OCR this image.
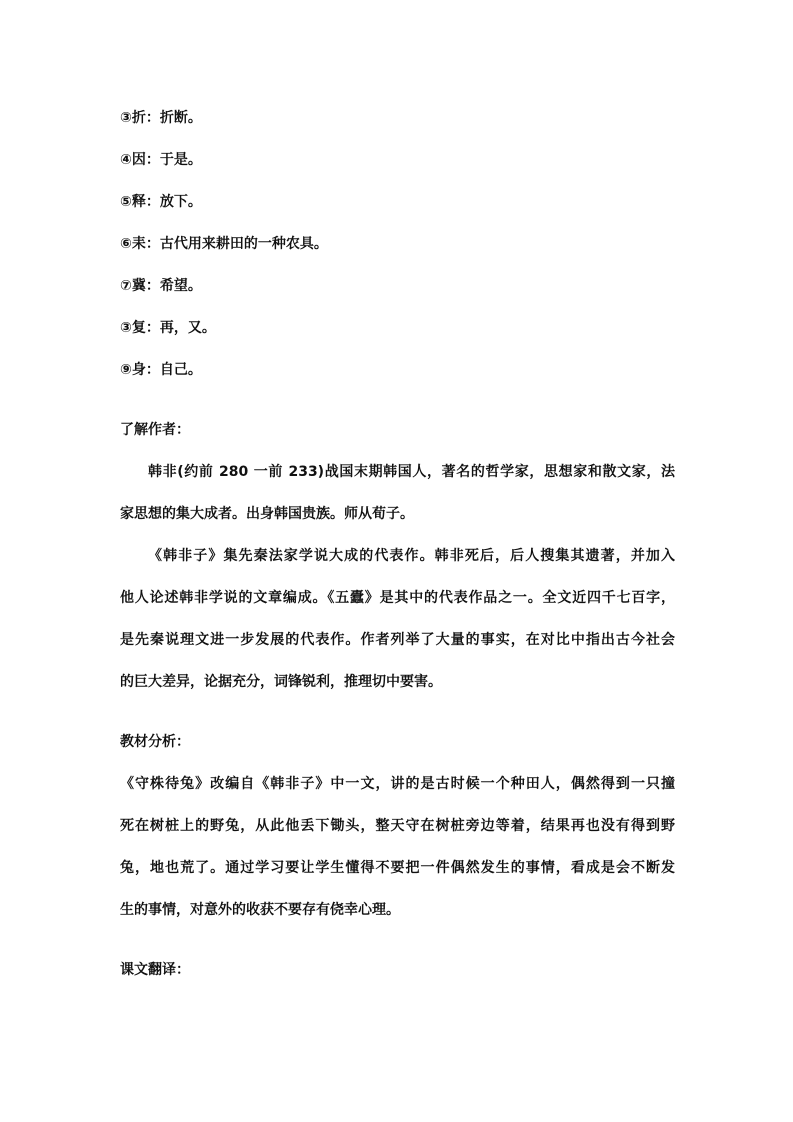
③折：折断。

④因：于是。

⑤释：放下。

⑥耒：古代用来耕田的一种农具。

⑦冀：希望。

③复：再，又。

⑨身：自己。

了解作者：

韩非(约前 280 一前 233)战国末期韩国人，著名的哲学家，思想家和散文家，法

家思想的集大成者。出身韩国贵族。师从荀子。

《韩非子》集先秦法家学说大成的代表作。韩非死后，后人搜集其遗著，并加入

他人论述韩非学说的文章编成。《五蠹》是其中的代表作品之一。全文近四千七百字，

是先秦说理文进一步发展的代表作。作者列举了大量的事实，在对比中指出古今社会

的巨大差异，论据充分，词锋锐利，推理切中要害。

教材分析：

《守株待兔》改编自《韩非子》中一文，讲的是古时候一个种田人，偶然得到一只撞

死在树桩上的野兔，从此他丢下锄头，整天守在树桩旁边等着，结果再也没有得到野

兔，地也荒了。通过学习要让学生懂得不要把一件偶然发生的事情，看成是会不断发

生的事情，对意外的收获不要存有侥幸心理。

课文翻译：
